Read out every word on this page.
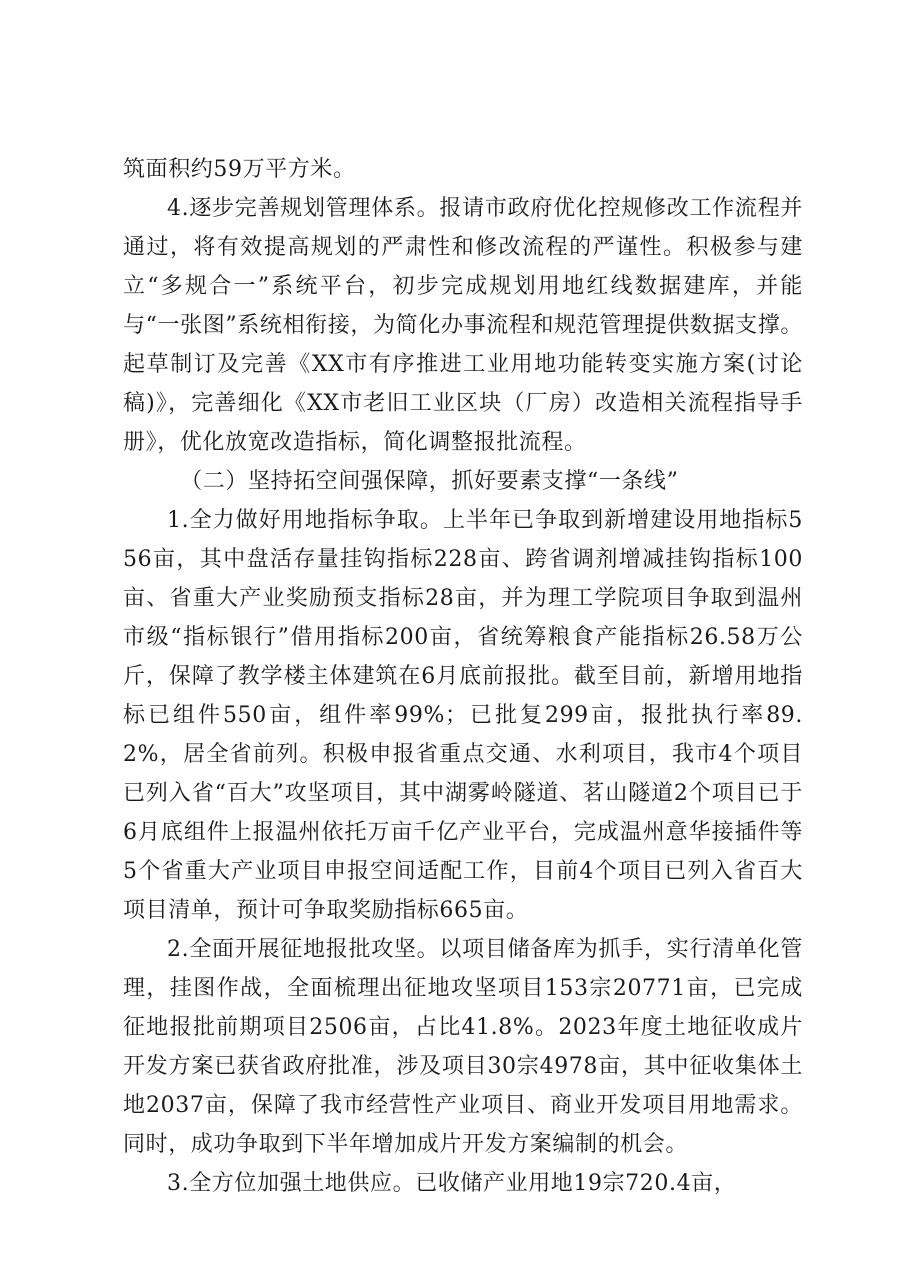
筑面积约59万平方米。

4.逐步完善规划管理体系。报请市政府优化控规修改工作流程并通过，将有效提高规划的严肃性和修改流程的严谨性。积极参与建立“多规合一”系统平台，初步完成规划用地红线数据建库，并能与“一张图”系统相衔接，为简化办事流程和规范管理提供数据支撑。起草制订及完善《XX市有序推进工业用地功能转变实施方案(讨论稿)》，完善细化《XX市老旧工业区块（厂房）改造相关流程指导手册》，优化放宽改造指标，简化调整报批流程。

（二）坚持拓空间强保障，抓好要素支撑“一条线”

1.全力做好用地指标争取。上半年已争取到新增建设用地指标556亩，其中盘活存量挂钩指标228亩、跨省调剂增减挂钩指标100亩、省重大产业奖励预支指标28亩，并为理工学院项目争取到温州市级“指标银行”借用指标200亩，省统筹粮食产能指标26.58万公斤，保障了教学楼主体建筑在6月底前报批。截至目前，新增用地指标已组件550亩，组件率99%；已批复299亩，报批执行率89.2%，居全省前列。积极申报省重点交通、水利项目，我市4个项目已列入省“百大”攻坚项目，其中湖雾岭隧道、茗山隧道2个项目已于6月底组件上报温州依托万亩千亿产业平台，完成温州意华接插件等5个省重大产业项目申报空间适配工作，目前4个项目已列入省百大项目清单，预计可争取奖励指标665亩。

2.全面开展征地报批攻坚。以项目储备库为抓手，实行清单化管理，挂图作战，全面梳理出征地攻坚项目153宗20771亩，已完成征地报批前期项目2506亩，占比41.8%。2023年度土地征收成片开发方案已获省政府批准，涉及项目30宗4978亩，其中征收集体土地2037亩，保障了我市经营性产业项目、商业开发项目用地需求。同时，成功争取到下半年增加成片开发方案编制的机会。

3.全方位加强土地供应。已收储产业用地19宗720.4亩，
